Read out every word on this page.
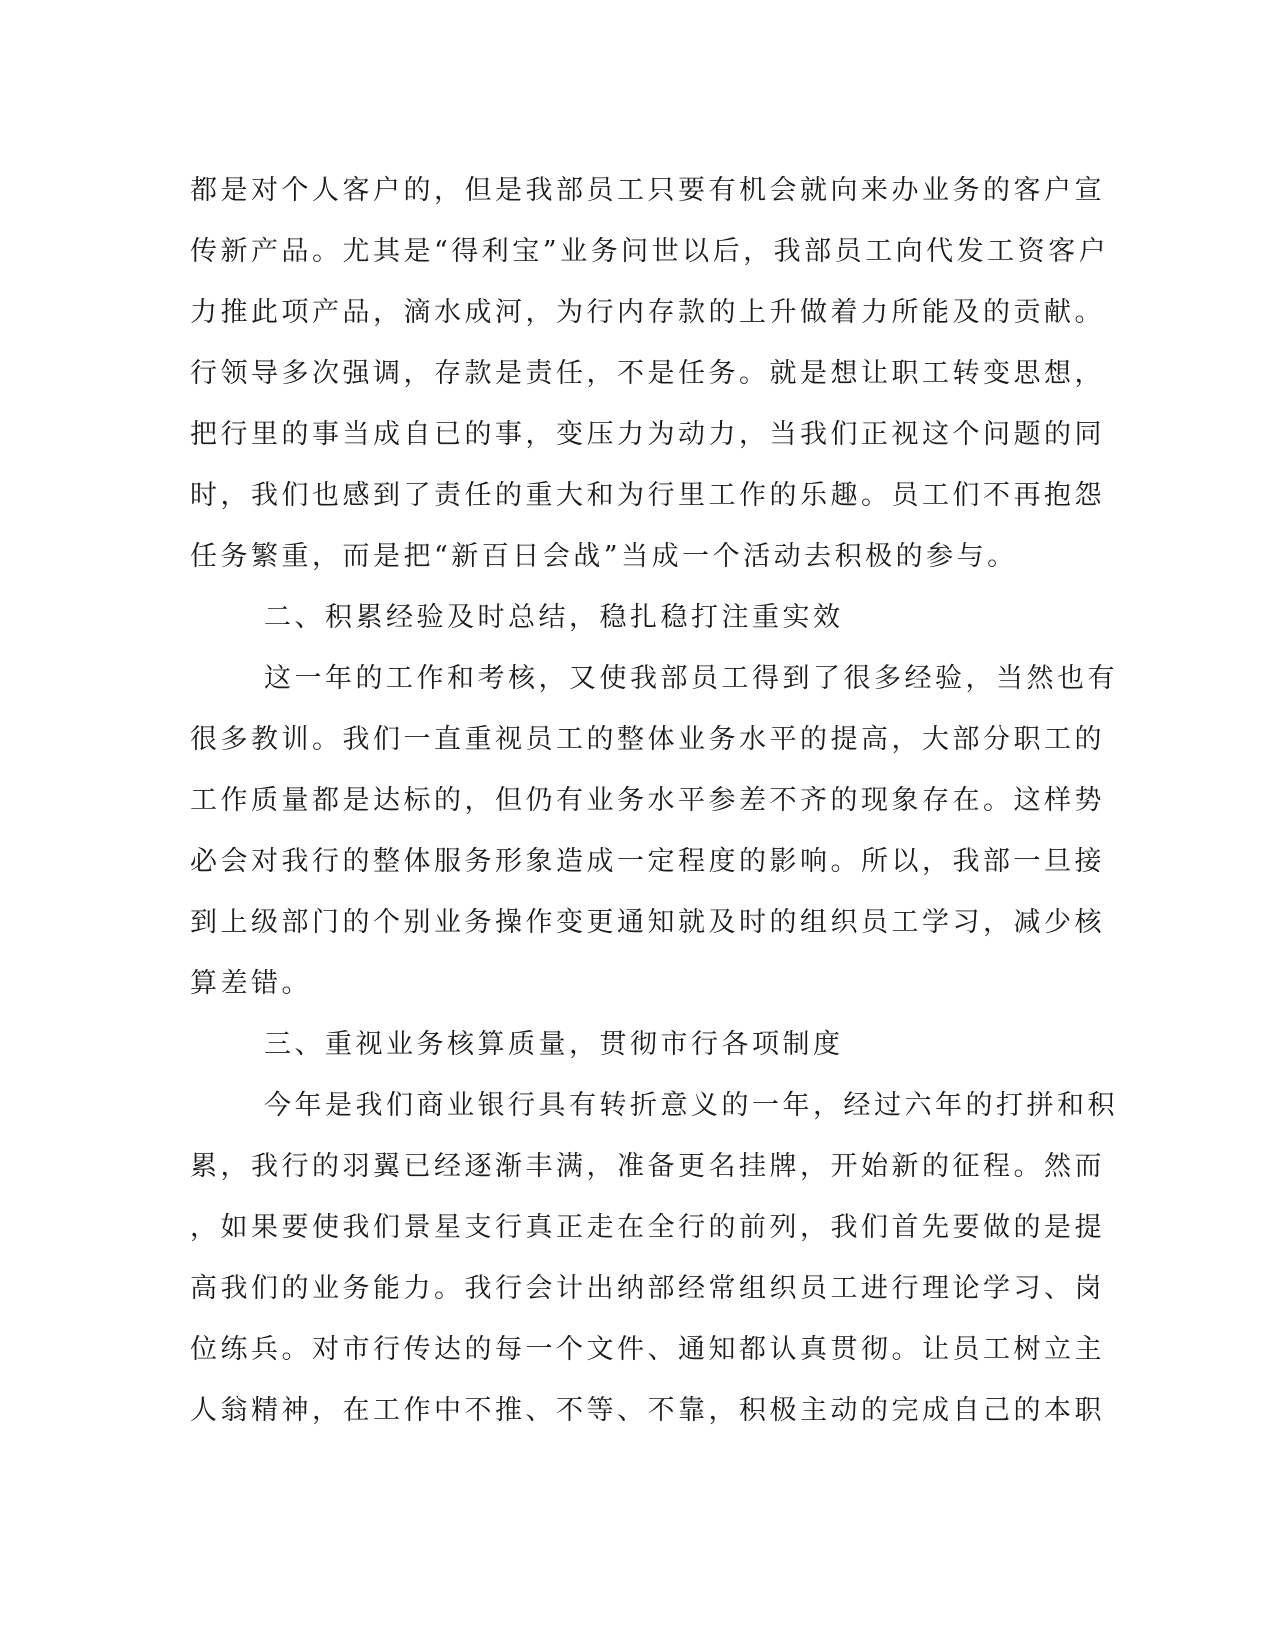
都是对个人客户的，但是我部员工只要有机会就向来办业务的客户宣
传新产品。尤其是“得利宝”业务问世以后，我部员工向代发工资客户
力推此项产品，滴水成河，为行内存款的上升做着力所能及的贡献。
行领导多次强调，存款是责任，不是任务。就是想让职工转变思想，
把行里的事当成自已的事，变压力为动力，当我们正视这个问题的同
时，我们也感到了责任的重大和为行里工作的乐趣。员工们不再抱怨
任务繁重，而是把“新百日会战”当成一个活动去积极的参与。
二、积累经验及时总结，稳扎稳打注重实效
这一年的工作和考核，又使我部员工得到了很多经验，当然也有
很多教训。我们一直重视员工的整体业务水平的提高，大部分职工的
工作质量都是达标的，但仍有业务水平参差不齐的现象存在。这样势
必会对我行的整体服务形象造成一定程度的影响。所以，我部一旦接
到上级部门的个别业务操作变更通知就及时的组织员工学习，减少核
算差错。
三、重视业务核算质量，贯彻市行各项制度
今年是我们商业银行具有转折意义的一年，经过六年的打拼和积
累，我行的羽翼已经逐渐丰满，准备更名挂牌，开始新的征程。然而
，如果要使我们景星支行真正走在全行的前列，我们首先要做的是提
高我们的业务能力。我行会计出纳部经常组织员工进行理论学习、岗
位练兵。对市行传达的每一个文件、通知都认真贯彻。让员工树立主
人翁精神，在工作中不推、不等、不靠，积极主动的完成自己的本职
